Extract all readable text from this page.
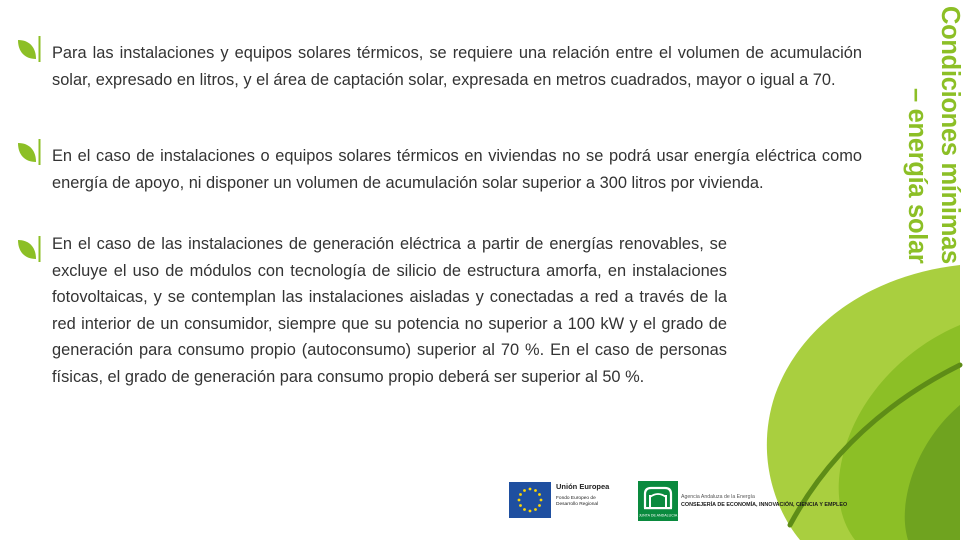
Para las instalaciones y equipos solares térmicos, se requiere una relación entre el volumen de acumulación solar, expresado en litros, y el área de captación solar, expresada en metros cuadrados, mayor o igual a 70.

En el caso de instalaciones o equipos solares térmicos en viviendas no se podrá usar energía eléctrica como energía de apoyo, ni disponer un volumen de acumulación solar superior a 300 litros por vivienda.

En el caso de las instalaciones de generación eléctrica a partir de energías renovables, se excluye el uso de módulos con tecnología de silicio de estructura amorfa, en instalaciones fotovoltaicas, y se contemplan las instalaciones aisladas y conectadas a red a través de la red interior de un consumidor, siempre que su potencia no superior a 100 kW y el grado de generación para consumo propio (autoconsumo) superior al 70 %. En el caso de personas físicas, el grado de generación para consumo propio deberá ser superior al 50 %.

Condiciones mínimas – energía solar
Unión Europea
Fondo Europeo de Desarrollo Regional
JUNTA DE ANDALUCIA
Agencia Andaluza de la Energía
CONSEJERÍA DE ECONOMÍA, INNOVACIÓN, CIENCIA Y EMPLEO
